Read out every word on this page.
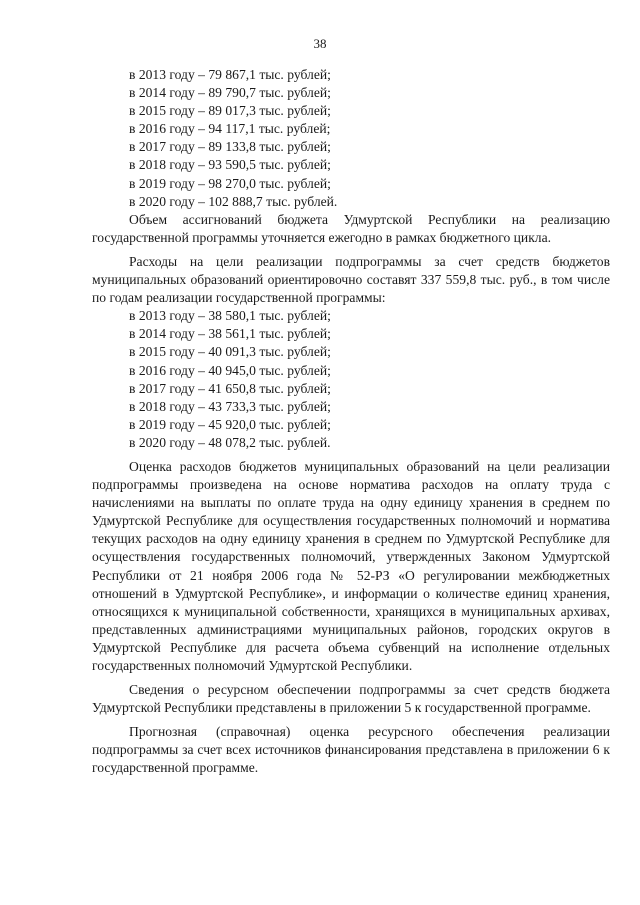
38
в 2013 году – 79 867,1 тыс. рублей;
в 2014 году – 89 790,7 тыс. рублей;
в 2015 году – 89 017,3 тыс. рублей;
в 2016 году – 94 117,1 тыс. рублей;
в 2017 году – 89 133,8 тыс. рублей;
в 2018 году – 93 590,5 тыс. рублей;
в 2019 году – 98 270,0 тыс. рублей;
в 2020 году – 102 888,7 тыс. рублей.

Объем ассигнований бюджета Удмуртской Республики на реализацию государственной программы уточняется ежегодно в рамках бюджетного цикла.

Расходы на цели реализации подпрограммы за счет средств бюджетов муниципальных образований ориентировочно составят 337 559,8 тыс. руб., в том числе по годам реализации государственной программы:

в 2013 году – 38 580,1 тыс. рублей;
в 2014 году – 38 561,1 тыс. рублей;
в 2015 году – 40 091,3 тыс. рублей;
в 2016 году – 40 945,0 тыс. рублей;
в 2017 году – 41 650,8 тыс. рублей;
в 2018 году – 43 733,3 тыс. рублей;
в 2019 году – 45 920,0 тыс. рублей;
в 2020 году – 48 078,2 тыс. рублей.

Оценка расходов бюджетов муниципальных образований на цели реализации подпрограммы произведена на основе норматива расходов на оплату труда с начислениями на выплаты по оплате труда на одну единицу хранения в среднем по Удмуртской Республике для осуществления государственных полномочий и норматива текущих расходов на одну единицу хранения в среднем по Удмуртской Республике для осуществления государственных полномочий, утвержденных Законом Удмуртской Республики от 21 ноября 2006 года № 52-РЗ «О регулировании межбюджетных отношений в Удмуртской Республике», и информации о количестве единиц хранения, относящихся к муниципальной собственности, хранящихся в муниципальных архивах, представленных администрациями муниципальных районов, городских округов в Удмуртской Республике для расчета объема субвенций на исполнение отдельных государственных полномочий Удмуртской Республики.

Сведения о ресурсном обеспечении подпрограммы за счет средств бюджета Удмуртской Республики представлены в приложении 5 к государственной программе.

Прогнозная (справочная) оценка ресурсного обеспечения реализации подпрограммы за счет всех источников финансирования представлена в приложении 6 к государственной программе.
